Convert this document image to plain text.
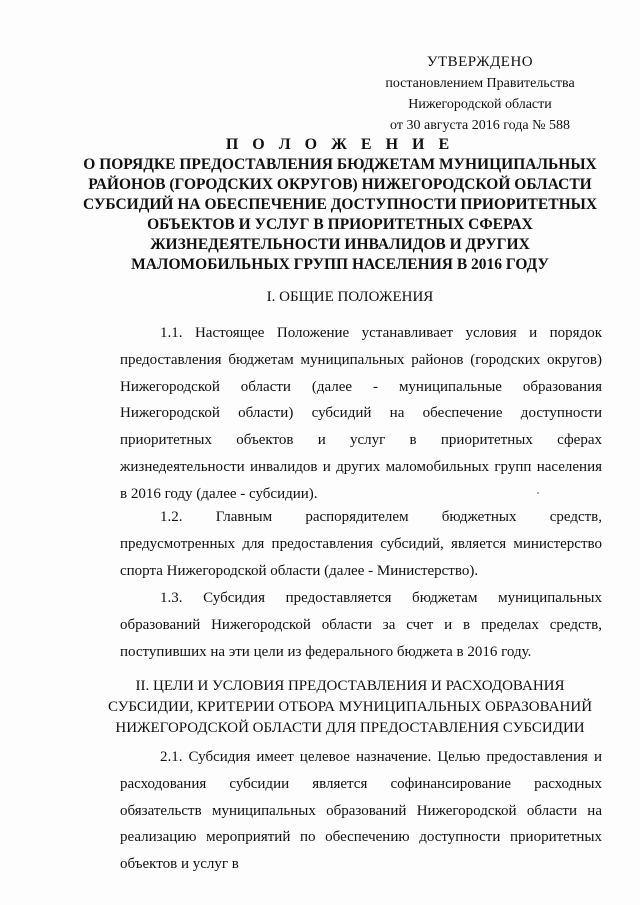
УТВЕРЖДЕНО
постановлением Правительства
Нижегородской области
от 30 августа 2016 года № 588
П О Л О Ж Е Н И Е
О ПОРЯДКЕ ПРЕДОСТАВЛЕНИЯ БЮДЖЕТАМ МУНИЦИПАЛЬНЫХ
РАЙОНОВ (ГОРОДСКИХ ОКРУГОВ) НИЖЕГОРОДСКОЙ ОБЛАСТИ
СУБСИДИЙ НА ОБЕСПЕЧЕНИЕ ДОСТУПНОСТИ ПРИОРИТЕТНЫХ
ОБЪЕКТОВ И УСЛУГ В ПРИОРИТЕТНЫХ СФЕРАХ
ЖИЗНЕДЕЯТЕЛЬНОСТИ ИНВАЛИДОВ И ДРУГИХ
МАЛОМОБИЛЬНЫХ ГРУПП НАСЕЛЕНИЯ В 2016 ГОДУ
I. ОБЩИЕ ПОЛОЖЕНИЯ
1.1. Настоящее Положение устанавливает условия и порядок предоставления бюджетам муниципальных районов (городских округов) Нижегородской области (далее - муниципальные образования Нижегородской области) субсидий на обеспечение доступности приоритетных объектов и услуг в приоритетных сферах жизнедеятельности инвалидов и других маломобильных групп населения в 2016 году (далее - субсидии).
1.2. Главным распорядителем бюджетных средств, предусмотренных для предоставления субсидий, является министерство спорта Нижегородской области (далее - Министерство).
1.3. Субсидия предоставляется бюджетам муниципальных образований Нижегородской области за счет и в пределах средств, поступивших на эти цели из федерального бюджета в 2016 году.
II. ЦЕЛИ И УСЛОВИЯ ПРЕДОСТАВЛЕНИЯ И РАСХОДОВАНИЯ
СУБСИДИИ, КРИТЕРИИ ОТБОРА МУНИЦИПАЛЬНЫХ ОБРАЗОВАНИЙ
НИЖЕГОРОДСКОЙ ОБЛАСТИ ДЛЯ ПРЕДОСТАВЛЕНИЯ СУБСИДИИ
2.1. Субсидия имеет целевое назначение. Целью предоставления и расходования субсидии является софинансирование расходных обязательств муниципальных образований Нижегородской области на реализацию мероприятий по обеспечению доступности приоритетных объектов и услуг в
